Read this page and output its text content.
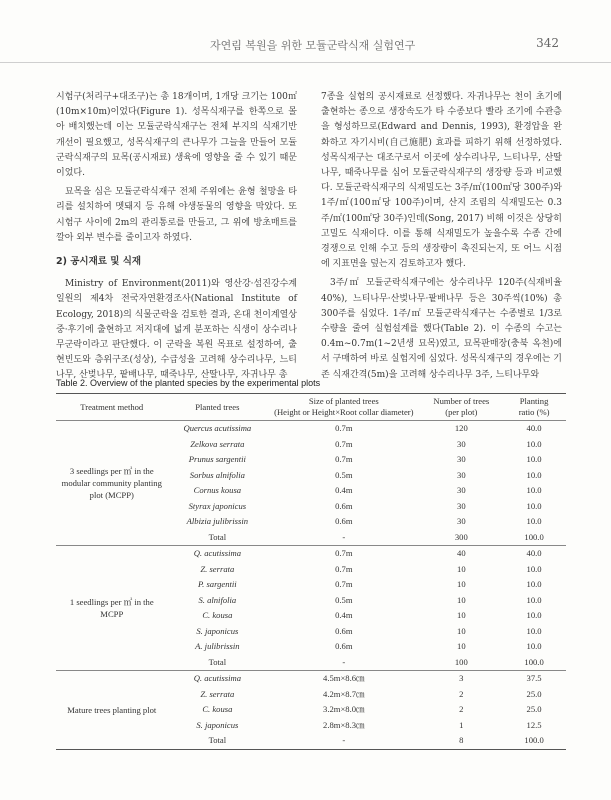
자연림 복원을 위한 모듈군락식재 실험연구	342

시험구(처리구+대조구)는 총 18개이며, 1개당 크기는 100㎡(10m×10m)이었다(Figure 1). 성목식재구를 한쪽으로 몰아 배치했는데 이는 모듈군락식재구는 전체 부지의 식재기반 개선이 필요했고, 성목식재구의 큰나무가 그늘을 만들어 모듈군락식재구의 묘목(공시재료) 생육에 영향을 줄 수 있기 때문이었다.

묘목을 심은 모듈군락식재구 전체 주위에는 윤형 철망을 타리를 설치하여 멧돼지 등 유해 야생동물의 영향을 막았다. 또 시험구 사이에 2m의 관리통로를 만들고, 그 위에 방초매트를 깔아 외부 변수를 줄이고자 하였다.

2) 공시재료 및 식재

Ministry of Environment(2011)와 영산강·섬진강수계 일원의 제4차 전국자연환경조사(National Institute of Ecology, 2018)의 식물군락을 검토한 결과, 온대 천이계열상 중·후기에 출현하고 저지대에 넓게 분포하는 식생이 상수리나무군락이라고 판단했다. 이 군락을 복원 목표로 설정하여, 출현빈도와 층위구조(성상), 수급성을 고려해 상수리나무, 느티나무, 산벚나무, 팥배나무, 때죽나무, 산딸나무, 자귀나무 총

7종을 실험의 공시재료로 선정했다. 자귀나무는 천이 초기에 출현하는 종으로 생장속도가 타 수종보다 빨라 조기에 수관층을 형성하므로(Edward and Dennis, 1993), 환경압을 완화하고 자기시비(自己施肥) 효과를 피하기 위해 선정하였다. 성목식재구는 대조구로서 이곳에 상수리나무, 느티나무, 산딸나무, 때죽나무를 심어 모듈군락식재구의 생장량 등과 비교했다. 모듈군락식재구의 식재밀도는 3주/㎡(100㎡당 300주)와 1주/㎡(100㎡당 100주)이며, 산지 조림의 식재밀도는 0.3주/㎡(100㎡당 30주)인데(Song, 2017) 비해 이것은 상당히 고밀도 식재이다. 이를 통해 식재밀도가 높을수록 수종 간에 경쟁으로 인해 수고 등의 생장량이 촉진되는지, 또 어느 시점에 지표면을 덮는지 검토하고자 했다.

3주/㎡ 모듈군락식재구에는 상수리나무 120주(식재비율 40%), 느티나무·산벚나무·팥배나무 등은 30주씩(10%) 총 300주를 심었다. 1주/㎡ 모듈군락식재구는 수종별로 1/3로 수량을 줄여 실험설계를 했다(Table 2). 이 수종의 수고는 0.4m~0.7m(1~2년생 묘목)였고, 묘목판매장(충북 옥천)에서 구매하여 바로 실험지에 심었다. 성목식재구의 경우에는 기존 식재간격(5m)을 고려해 상수리나무 3주, 느티나무와

Table 2. Overview of the planted species by the experimental plots
Treatment method	Planted trees	Size of planted trees
(Height or Height×Root collar diameter)	Number of trees
(per plot)	Planting
ratio (%)
3 seedlings per ㎡ in the modular community planting plot (MCPP)	Quercus acutissima	0.7m	120	40.0
	Zelkova serrata	0.7m	30	10.0
	Prunus sargentii	0.7m	30	10.0
	Sorbus alnifolia	0.5m	30	10.0
	Cornus kousa	0.4m	30	10.0
	Styrax japonicus	0.6m	30	10.0
	Albizia julibrissin	0.6m	30	10.0
	Total	-	300	100.0
1 seedlings per ㎡ in the MCPP	Q. acutissima	0.7m	40	40.0
	Z. serrata	0.7m	10	10.0
	P. sargentii	0.7m	10	10.0
	S. alnifolia	0.5m	10	10.0
	C. kousa	0.4m	10	10.0
	S. japonicus	0.6m	10	10.0
	A. julibrissin	0.6m	10	10.0
	Total	-	100	100.0
Mature trees planting plot	Q. acutissima	4.5m×8.6㎝	3	37.5
	Z. serrata	4.2m×8.7㎝	2	25.0
	C. kousa	3.2m×8.0㎝	2	25.0
	S. japonicus	2.8m×8.3㎝	1	12.5
	Total	-	8	100.0
